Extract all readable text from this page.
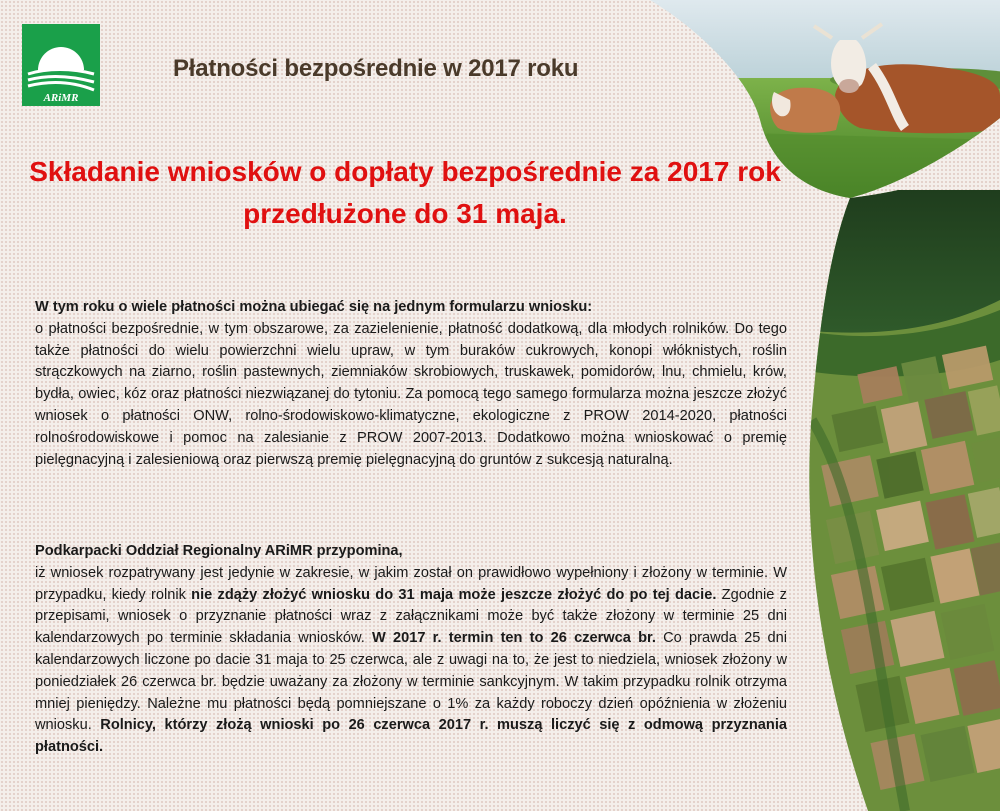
ARiMR
Płatności bezpośrednie w 2017 roku
Składanie wniosków o dopłaty bezpośrednie za 2017 rok
przedłużone do 31 maja.

W tym roku o wiele płatności można ubiegać się na jednym formularzu wniosku:

o płatności bezpośrednie, w tym obszarowe, za zazielenienie, płatność dodatkową, dla młodych rolników. Do tego także płatności do wielu powierzchni wielu upraw, w tym buraków cukrowych, konopi włóknistych, roślin strączkowych na ziarno, roślin pastewnych, ziemniaków skrobiowych, truskawek, pomidorów, lnu, chmielu, krów, bydła, owiec, kóz oraz płatności niezwiązanej do tytoniu. Za pomocą tego samego formularza można jeszcze złożyć wniosek o płatności ONW, rolno-środowiskowo-klimatyczne, ekologiczne z PROW 2014-2020, płatności rolnośrodowiskowe i pomoc na zalesianie z PROW 2007-2013. Dodatkowo można wnioskować o premię pielęgnacyjną i zalesieniową oraz pierwszą premię pielęgnacyjną do gruntów z sukcesją naturalną.

Podkarpacki Oddział Regionalny ARiMR przypomina,

iż wniosek rozpatrywany jest jedynie w zakresie, w jakim został on prawidłowo wypełniony i złożony w terminie. W przypadku, kiedy rolnik nie zdąży złożyć wniosku do 31 maja może jeszcze złożyć do po tej dacie. Zgodnie z przepisami, wniosek o przyznanie płatności wraz z załącznikami może być także złożony w terminie 25 dni kalendarzowych po terminie składania wniosków. W 2017 r. termin ten to 26 czerwca br. Co prawda 25 dni kalendarzowych liczone po dacie 31 maja to 25 czerwca, ale z uwagi na to, że jest to niedziela, wniosek złożony w poniedziałek 26 czerwca br. będzie uważany za złożony w terminie sankcyjnym. W takim przypadku rolnik otrzyma mniej pieniędzy. Należne mu płatności będą pomniejszane o 1% za każdy roboczy dzień opóźnienia w złożeniu wniosku. Rolnicy, którzy złożą wnioski po 26 czerwca 2017 r. muszą liczyć się z odmową przyznania płatności.
